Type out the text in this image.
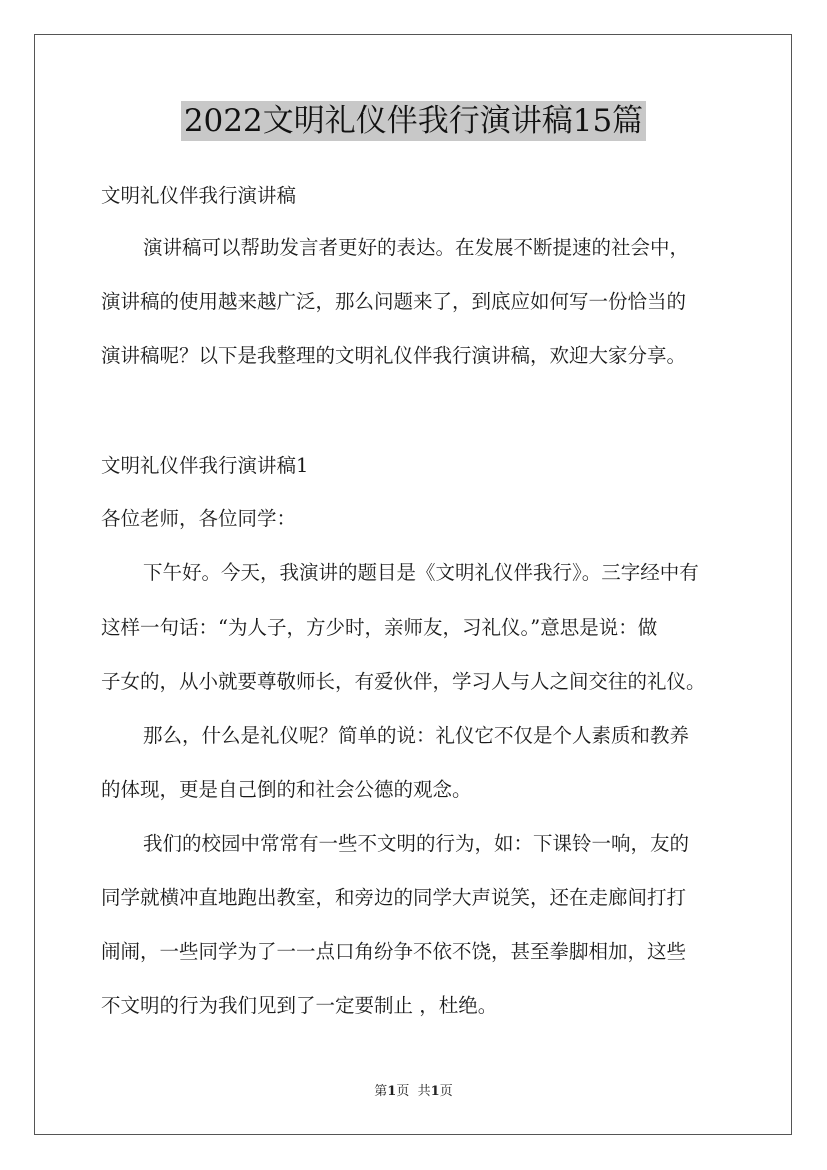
2022文明礼仪伴我行演讲稿15篇
文明礼仪伴我行演讲稿
演讲稿可以帮助发言者更好的表达。在发展不断提速的社会中，
演讲稿的使用越来越广泛，那么问题来了，到底应如何写一份恰当的
演讲稿呢？以下是我整理的文明礼仪伴我行演讲稿，欢迎大家分享。
文明礼仪伴我行演讲稿1
各位老师，各位同学：
下午好。今天，我演讲的题目是《文明礼仪伴我行》。三字经中有
这样一句话：“为人子，方少时，亲师友，习礼仪。”意思是说：做
子女的，从小就要尊敬师长，有爱伙伴，学习人与人之间交往的礼仪。
那么，什么是礼仪呢？简单的说：礼仪它不仅是个人素质和教养
的体现，更是自己倒的和社会公德的观念。
我们的校园中常常有一些不文明的行为，如：下课铃一响，友的
同学就横冲直地跑出教室，和旁边的同学大声说笑，还在走廊间打打
闹闹，一些同学为了一一点口角纷争不依不饶，甚至拳脚相加，这些
不文明的行为我们见到了一定要制止 ，杜绝。
第1页 共1页
